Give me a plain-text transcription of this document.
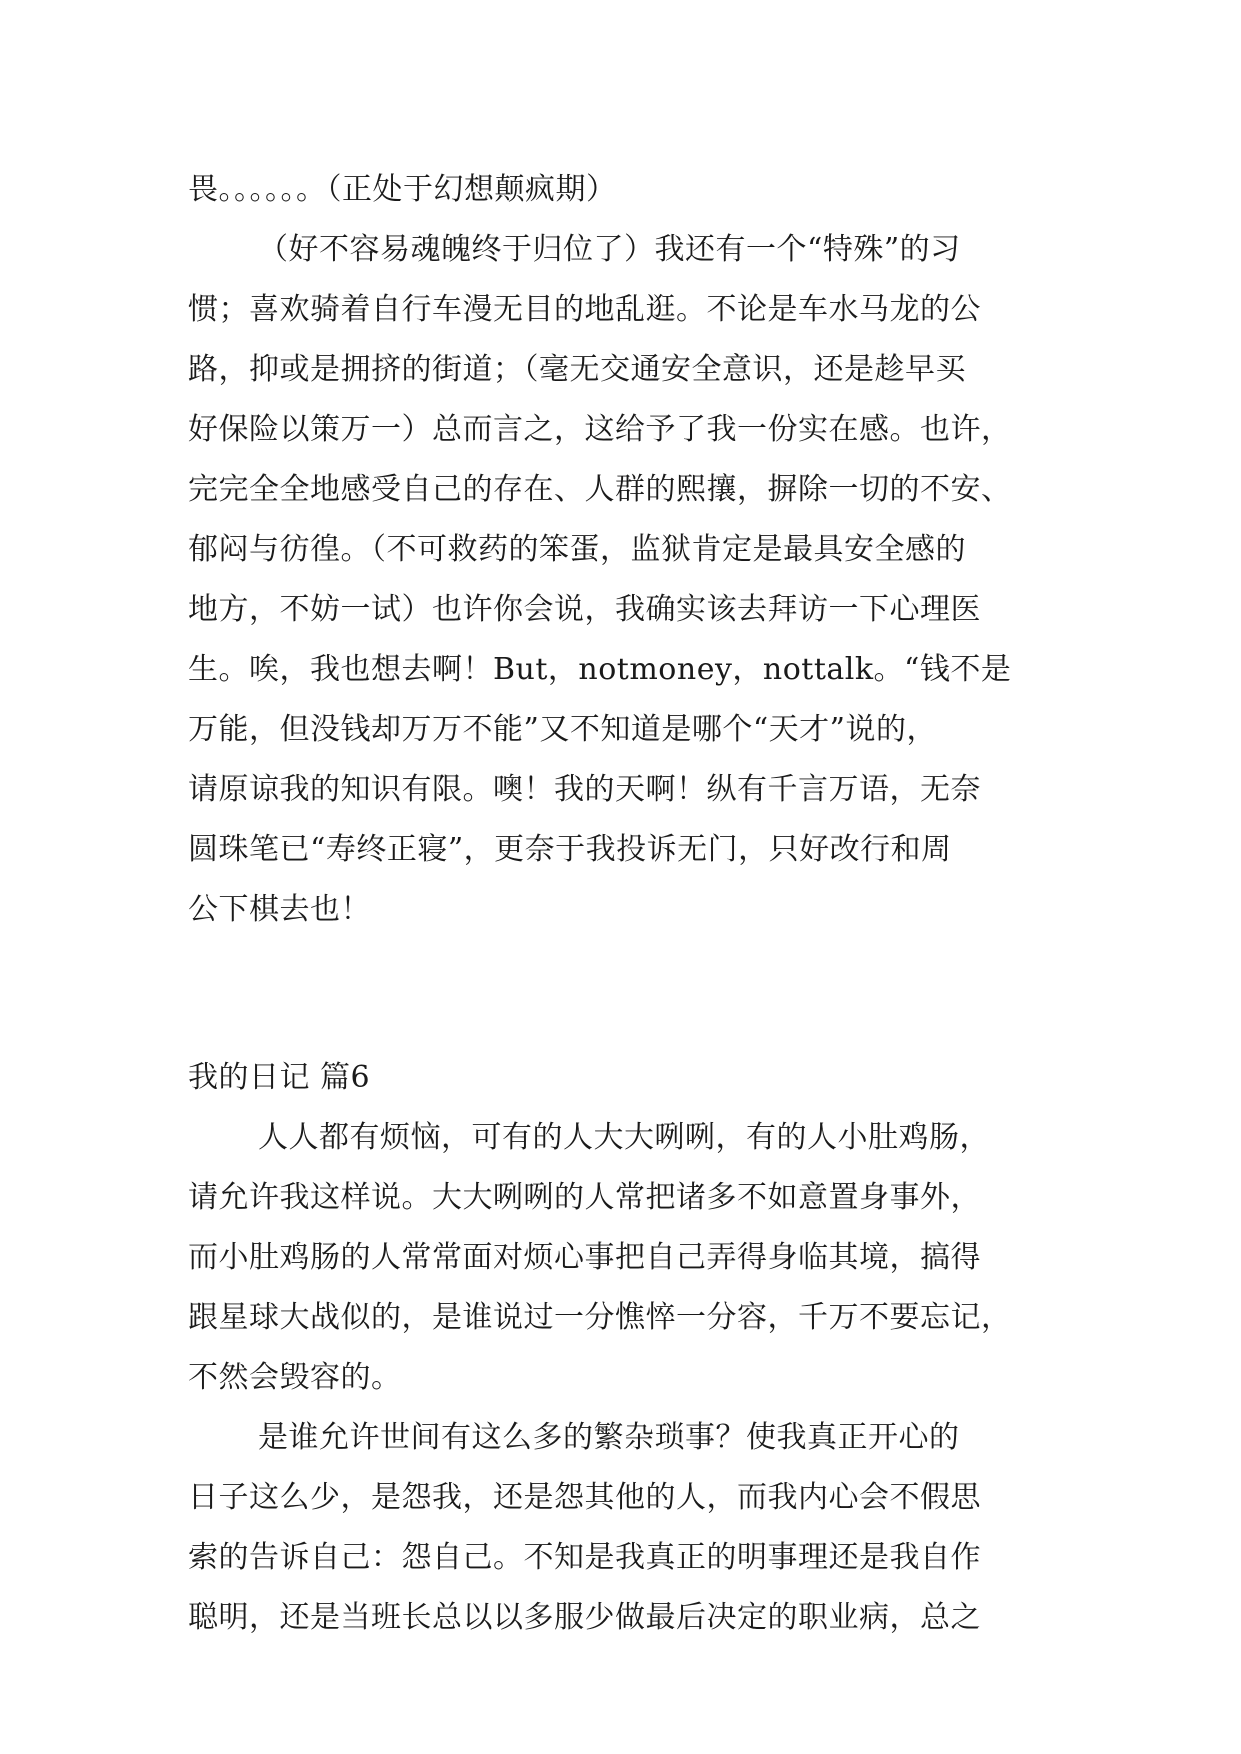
畏。。。。。。（正处于幻想颠疯期）
（好不容易魂魄终于归位了）我还有一个“特殊”的习
惯；喜欢骑着自行车漫无目的地乱逛。不论是车水马龙的公
路，抑或是拥挤的街道；（毫无交通安全意识，还是趁早买
好保险以策万一）总而言之，这给予了我一份实在感。也许，
完完全全地感受自己的存在、人群的熙攘，摒除一切的不安、
郁闷与彷徨。（不可救药的笨蛋，监狱肯定是最具安全感的
地方，不妨一试）也许你会说，我确实该去拜访一下心理医
生。唉，我也想去啊！But，notmoney，nottalk。“钱不是
万能，但没钱却万万不能”又不知道是哪个“天才”说的，
请原谅我的知识有限。噢！我的天啊！纵有千言万语，无奈
圆珠笔已“寿终正寝”，更奈于我投诉无门，只好改行和周
公下棋去也！
我的日记 篇6
人人都有烦恼，可有的人大大咧咧，有的人小肚鸡肠，
请允许我这样说。大大咧咧的人常把诸多不如意置身事外，
而小肚鸡肠的人常常面对烦心事把自己弄得身临其境，搞得
跟星球大战似的，是谁说过一分憔悴一分容，千万不要忘记，
不然会毁容的。
是谁允许世间有这么多的繁杂琐事？使我真正开心的
日子这么少，是怨我，还是怨其他的人，而我内心会不假思
索的告诉自己：怨自己。不知是我真正的明事理还是我自作
聪明，还是当班长总以以多服少做最后决定的职业病，总之
